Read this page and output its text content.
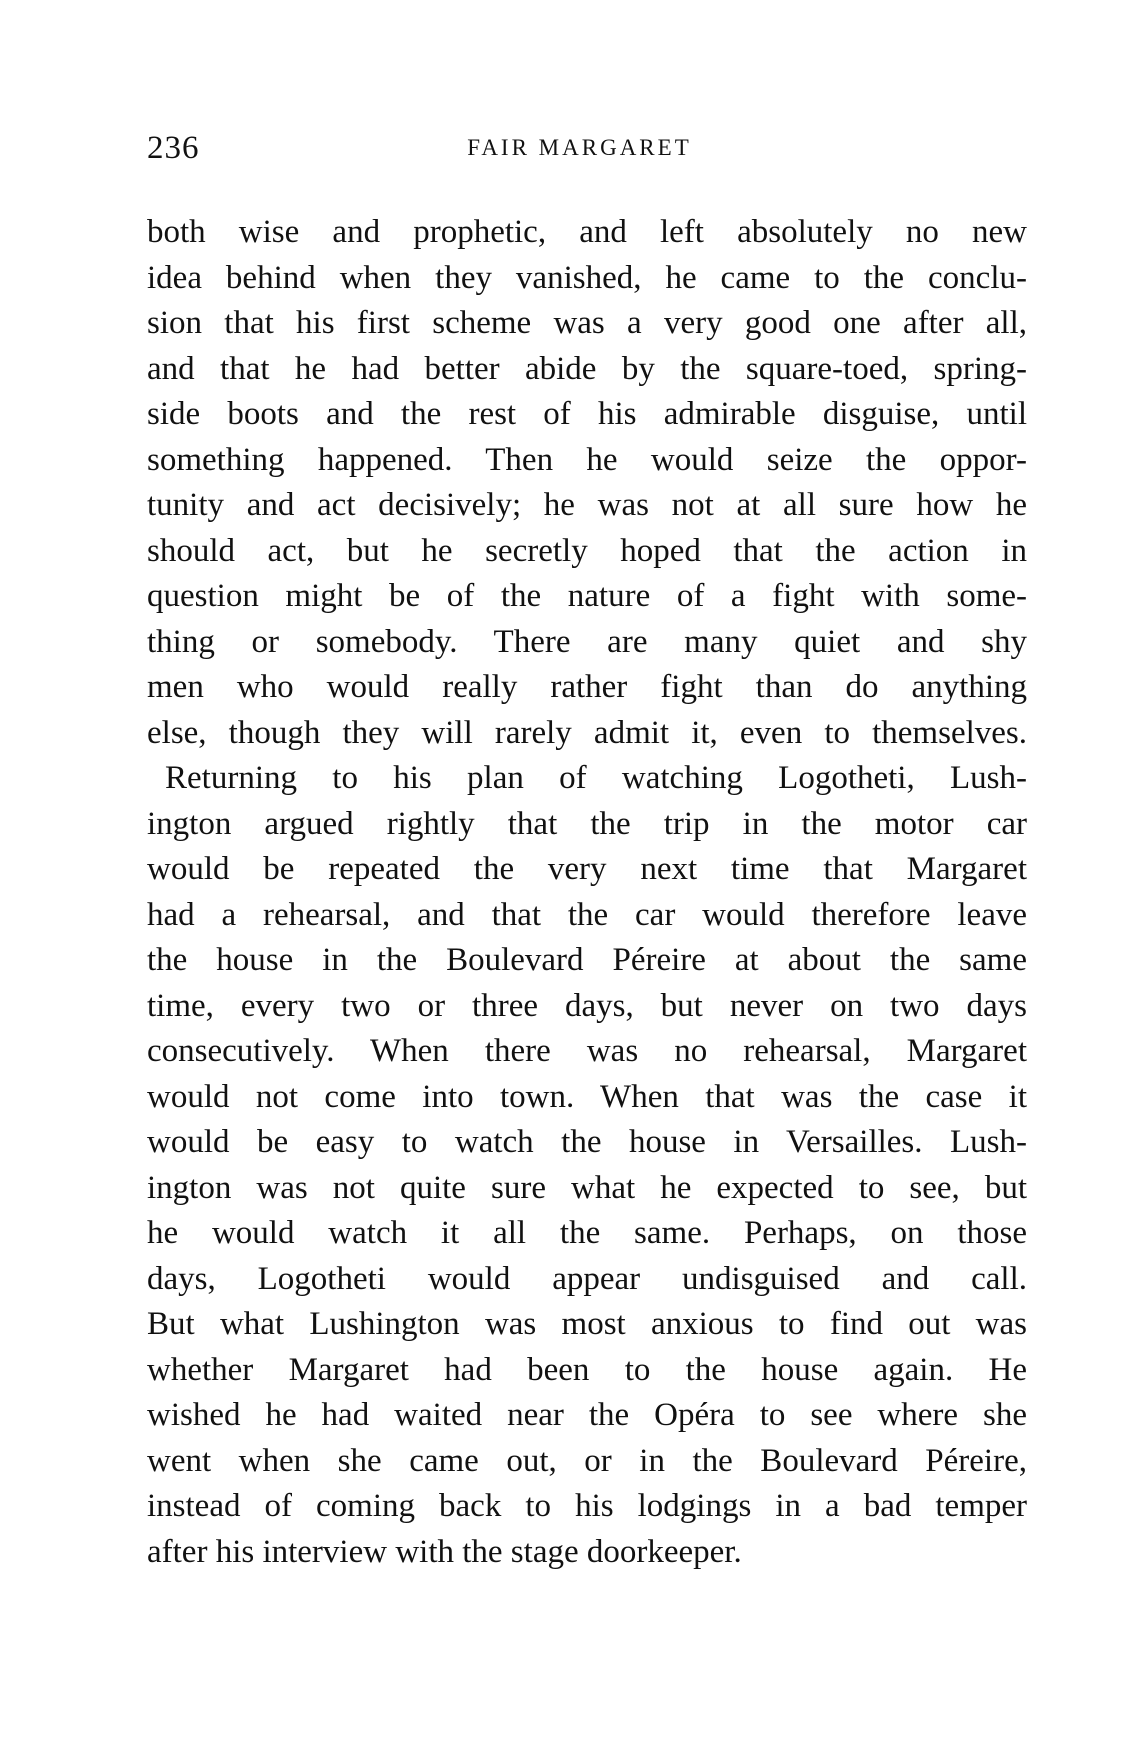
236	FAIR MARGARET
both wise and prophetic, and left absolutely no new
idea behind when they vanished, he came to the conclu-
sion that his first scheme was a very good one after all,
and that he had better abide by the square-toed, spring-
side boots and the rest of his admirable disguise, until
something happened. Then he would seize the oppor-
tunity and act decisively; he was not at all sure how he
should act, but he secretly hoped that the action in
question might be of the nature of a fight with some-
thing or somebody. There are many quiet and shy
men who would really rather fight than do anything
else, though they will rarely admit it, even to themselves.
Returning to his plan of watching Logotheti, Lush-
ington argued rightly that the trip in the motor car
would be repeated the very next time that Margaret
had a rehearsal, and that the car would therefore leave
the house in the Boulevard Péreire at about the same
time, every two or three days, but never on two days
consecutively. When there was no rehearsal, Margaret
would not come into town. When that was the case it
would be easy to watch the house in Versailles. Lush-
ington was not quite sure what he expected to see, but
he would watch it all the same. Perhaps, on those
days, Logotheti would appear undisguised and call.
But what Lushington was most anxious to find out was
whether Margaret had been to the house again. He
wished he had waited near the Opéra to see where she
went when she came out, or in the Boulevard Péreire,
instead of coming back to his lodgings in a bad temper
after his interview with the stage doorkeeper.
